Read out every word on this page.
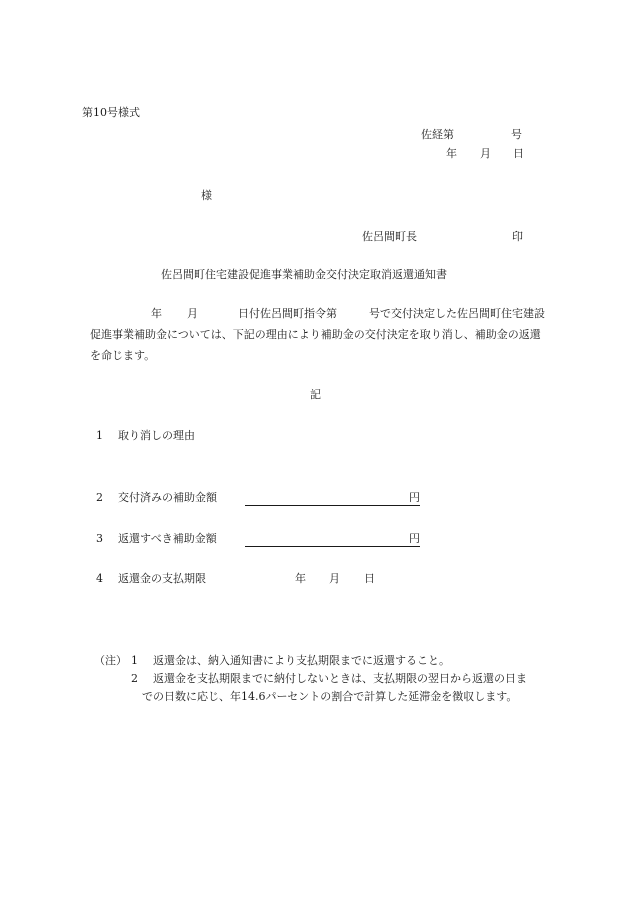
第10号様式
佐経第	号
年 月 日
様
佐呂間町長	印
佐呂間町住宅建設促進事業補助金交付決定取消返還通知書
年 月	日付佐呂間町指令第	号で交付決定した佐呂間町住宅建設促進事業補助金については、下記の理由により補助金の交付決定を取り消し、補助金の返還を命じます。
記
1 取り消しの理由
2 交付済みの補助金額	円
3 返還すべき補助金額	円
4 返還金の支払期限	年 月 日
（注） 1 返還金は、納入通知書により支払期限までに返還すること。
2 返還金を支払期限までに納付しないときは、支払期限の翌日から返還の日ま
での日数に応じ、年14.6パーセントの割合で計算した延滞金を徴収します。
